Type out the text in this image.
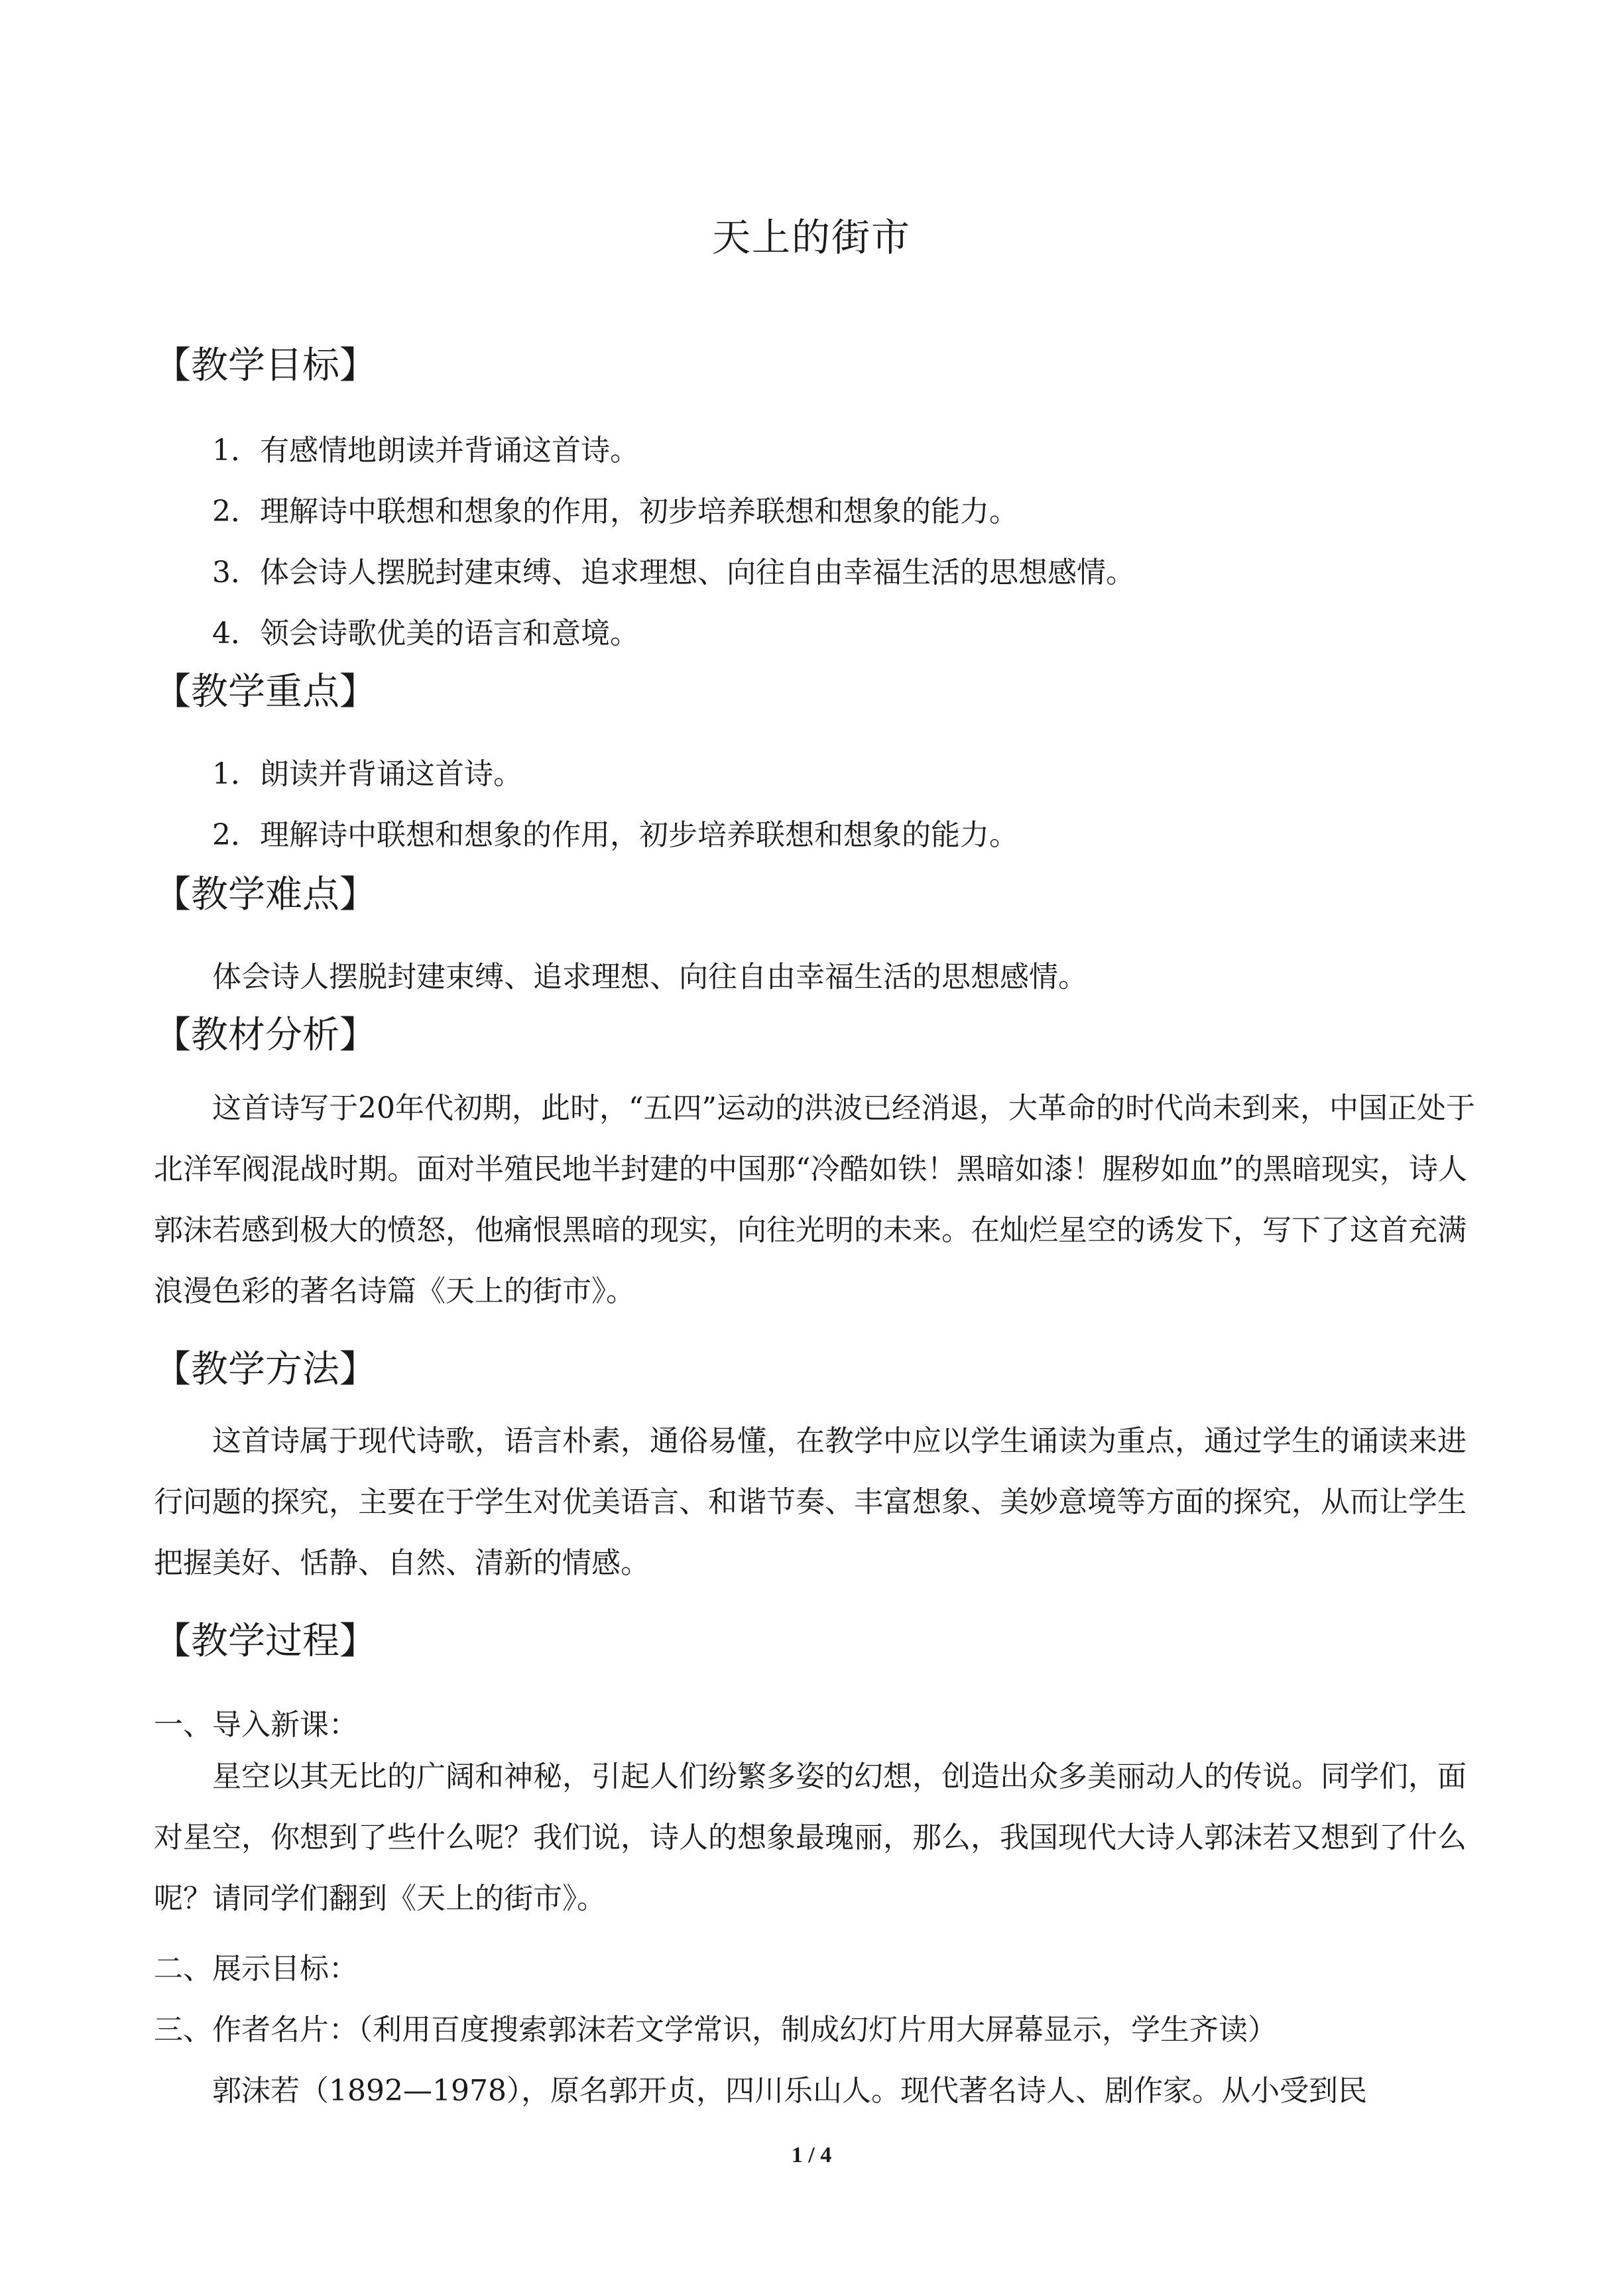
天上的街市
【教学目标】
1．有感情地朗读并背诵这首诗。
2．理解诗中联想和想象的作用，初步培养联想和想象的能力。
3．体会诗人摆脱封建束缚、追求理想、向往自由幸福生活的思想感情。
4．领会诗歌优美的语言和意境。
【教学重点】
1．朗读并背诵这首诗。
2．理解诗中联想和想象的作用，初步培养联想和想象的能力。
【教学难点】
体会诗人摆脱封建束缚、追求理想、向往自由幸福生活的思想感情。
【教材分析】
这首诗写于20年代初期，此时，“五四”运动的洪波已经消退，大革命的时代尚未到来，中国正处于北洋军阀混战时期。面对半殖民地半封建的中国那“冷酷如铁！黑暗如漆！腥秽如血”的黑暗现实，诗人郭沫若感到极大的愤怒，他痛恨黑暗的现实，向往光明的未来。在灿烂星空的诱发下，写下了这首充满浪漫色彩的著名诗篇《天上的街市》。
【教学方法】
这首诗属于现代诗歌，语言朴素，通俗易懂，在教学中应以学生诵读为重点，通过学生的诵读来进行问题的探究，主要在于学生对优美语言、和谐节奏、丰富想象、美妙意境等方面的探究，从而让学生把握美好、恬静、自然、清新的情感。
【教学过程】
一、导入新课：
星空以其无比的广阔和神秘，引起人们纷繁多姿的幻想，创造出众多美丽动人的传说。同学们，面对星空，你想到了些什么呢？我们说，诗人的想象最瑰丽，那么，我国现代大诗人郭沫若又想到了什么呢？请同学们翻到《天上的街市》。
二、展示目标：
三、作者名片：（利用百度搜索郭沫若文学常识，制成幻灯片用大屏幕显示，学生齐读）
郭沫若（1892—1978），原名郭开贞，四川乐山人。现代著名诗人、剧作家。从小受到民
1 / 4
